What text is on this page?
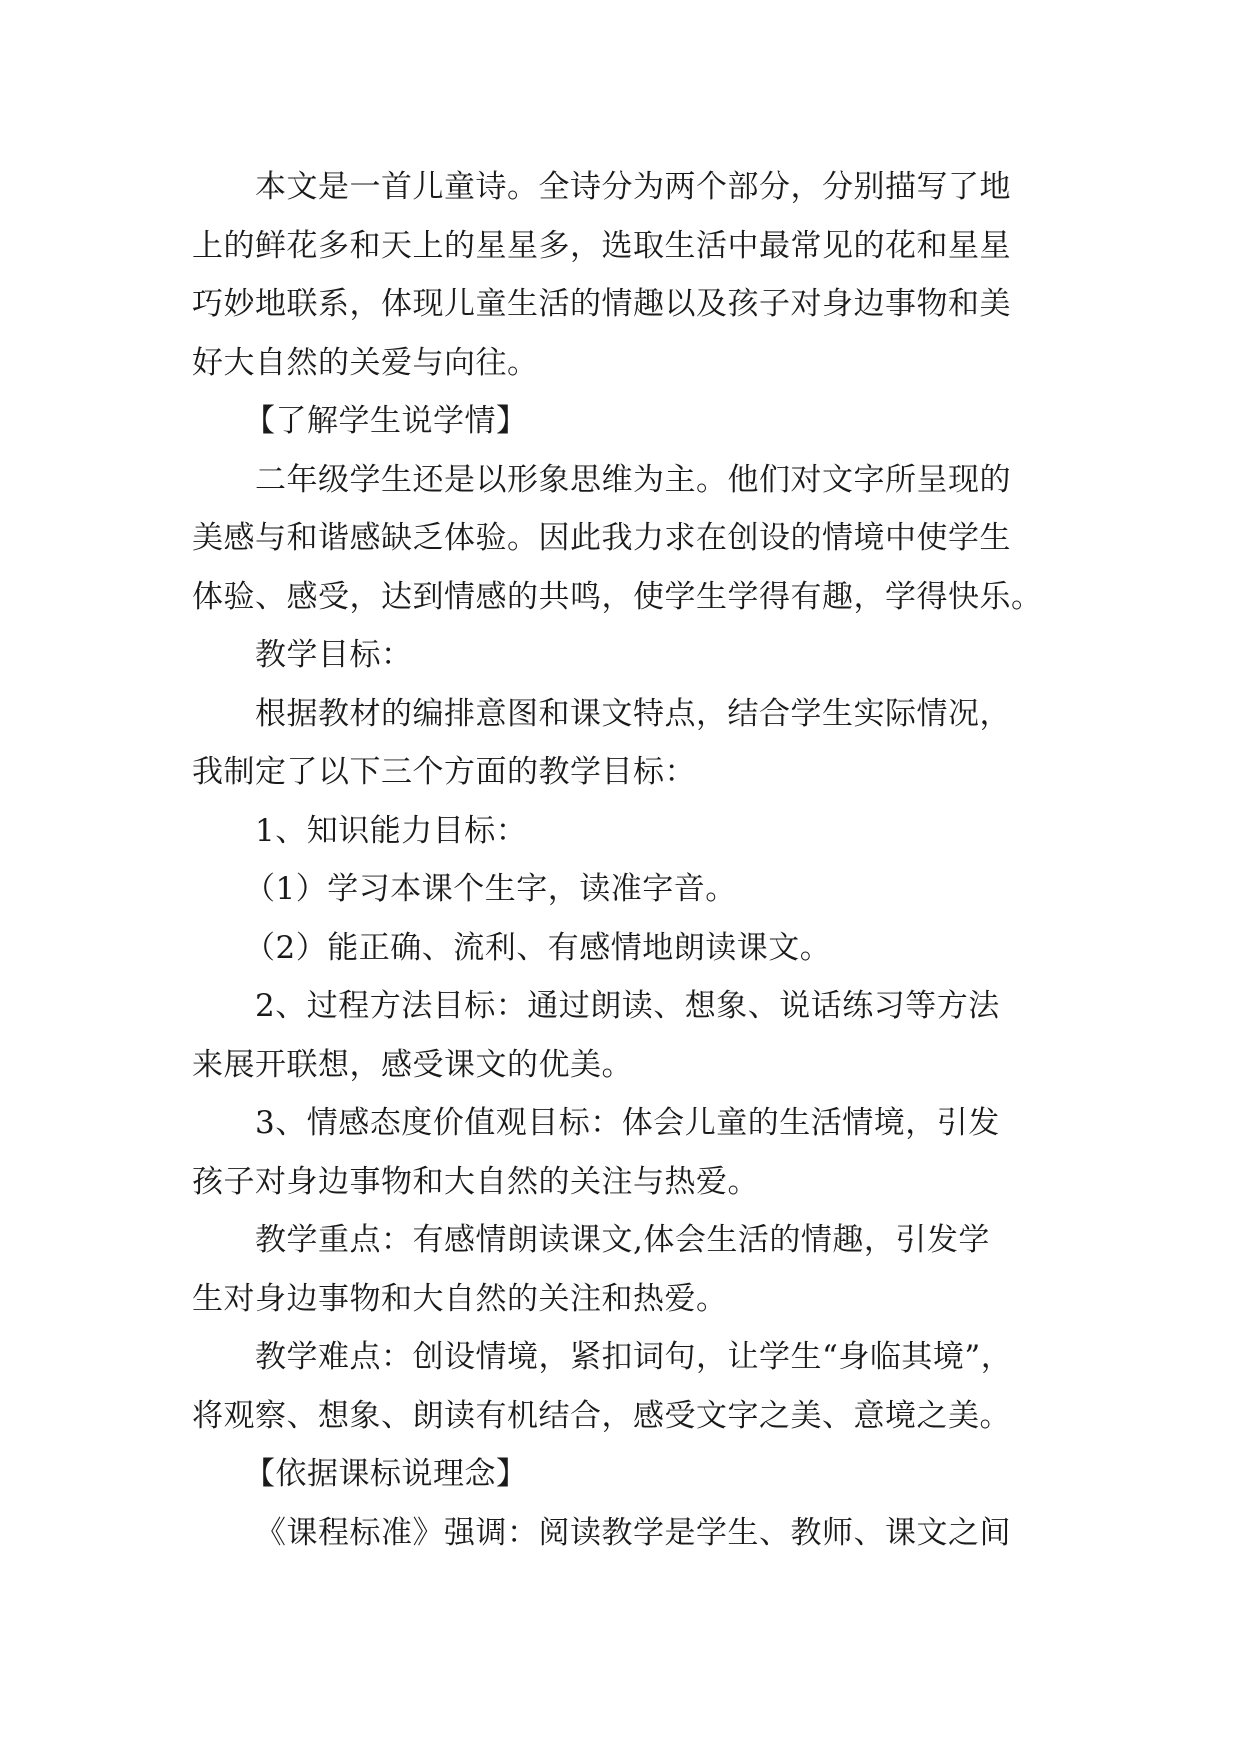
本文是一首儿童诗。全诗分为两个部分，分别描写了地
上的鲜花多和天上的星星多，选取生活中最常见的花和星星
巧妙地联系，体现儿童生活的情趣以及孩子对身边事物和美
好大自然的关爱与向往。
【了解学生说学情】
二年级学生还是以形象思维为主。他们对文字所呈现的
美感与和谐感缺乏体验。因此我力求在创设的情境中使学生
体验、感受，达到情感的共鸣，使学生学得有趣，学得快乐。
教学目标：
根据教材的编排意图和课文特点，结合学生实际情况，
我制定了以下三个方面的教学目标：
1、知识能力目标：
（1）学习本课个生字，读准字音。
（2）能正确、流利、有感情地朗读课文。
2、过程方法目标：通过朗读、想象、说话练习等方法
来展开联想，感受课文的优美。
3、情感态度价值观目标：体会儿童的生活情境，引发
孩子对身边事物和大自然的关注与热爱。
教学重点：有感情朗读课文,体会生活的情趣，引发学
生对身边事物和大自然的关注和热爱。
教学难点：创设情境，紧扣词句，让学生“身临其境”，
将观察、想象、朗读有机结合，感受文字之美、意境之美。
【依据课标说理念】
《课程标准》强调：阅读教学是学生、教师、课文之间
